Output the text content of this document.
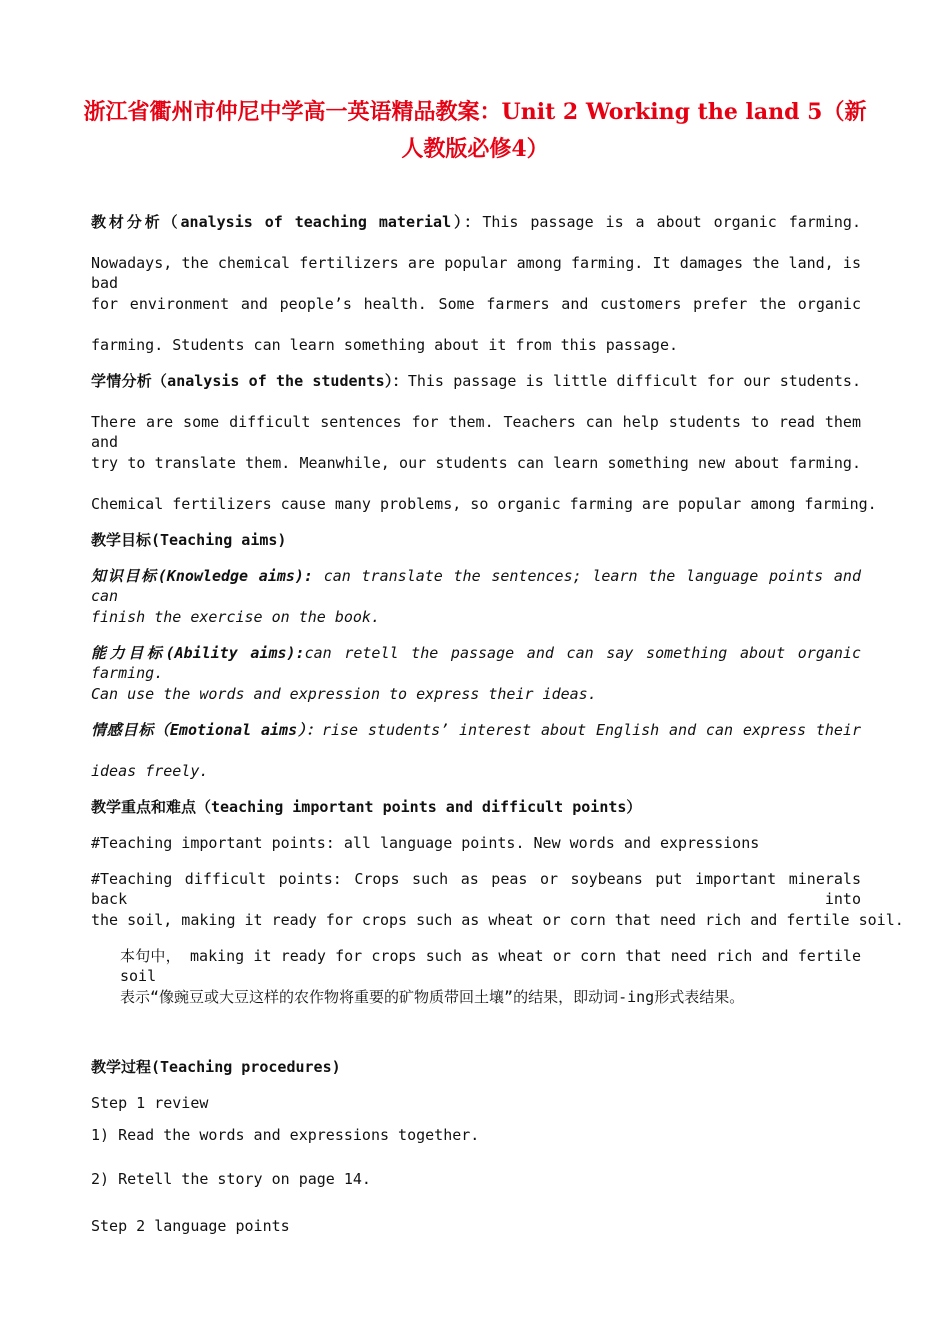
浙江省衢州市仲尼中学高一英语精品教案：Unit 2 Working the land 5（新
人教版必修4）
教材分析（analysis of teaching material）：This passage is a about organic farming.
Nowadays, the chemical fertilizers are popular among farming. It damages the land, is bad
for environment and people’s health. Some farmers and customers prefer the organic
farming. Students can learn something about it from this passage.
学情分析（analysis of the students）：This passage is little difficult for our students.
There are some difficult sentences for them. Teachers can help students to read them and
try to translate them. Meanwhile, our students can learn something new about farming.
Chemical fertilizers cause many problems, so organic farming are popular among farming.
教学目标(Teaching aims)
知识目标(Knowledge aims): can translate the sentences; learn the language points and can
finish the exercise on the book.
能力目标(Ability aims):can retell the passage and can say something about organic farming.
Can use the words and expression to express their ideas.
情感目标（Emotional aims）：rise students’ interest about English and can express their
ideas freely.
教学重点和难点（teaching important points and difficult points）
#Teaching important points: all language points. New words and expressions
#Teaching difficult points: Crops such as peas or soybeans put important minerals back into
the soil, making it ready for crops such as wheat or corn that need rich and fertile soil.
本句中， making it ready for crops such as wheat or corn that need rich and fertile soil
表示“像豌豆或大豆这样的农作物将重要的矿物质带回土壤”的结果，即动词-ing形式表结果。
教学过程(Teaching procedures)
Step 1 review
1) Read the words and expressions together.
2) Retell the story on page 14.
Step 2 language points
